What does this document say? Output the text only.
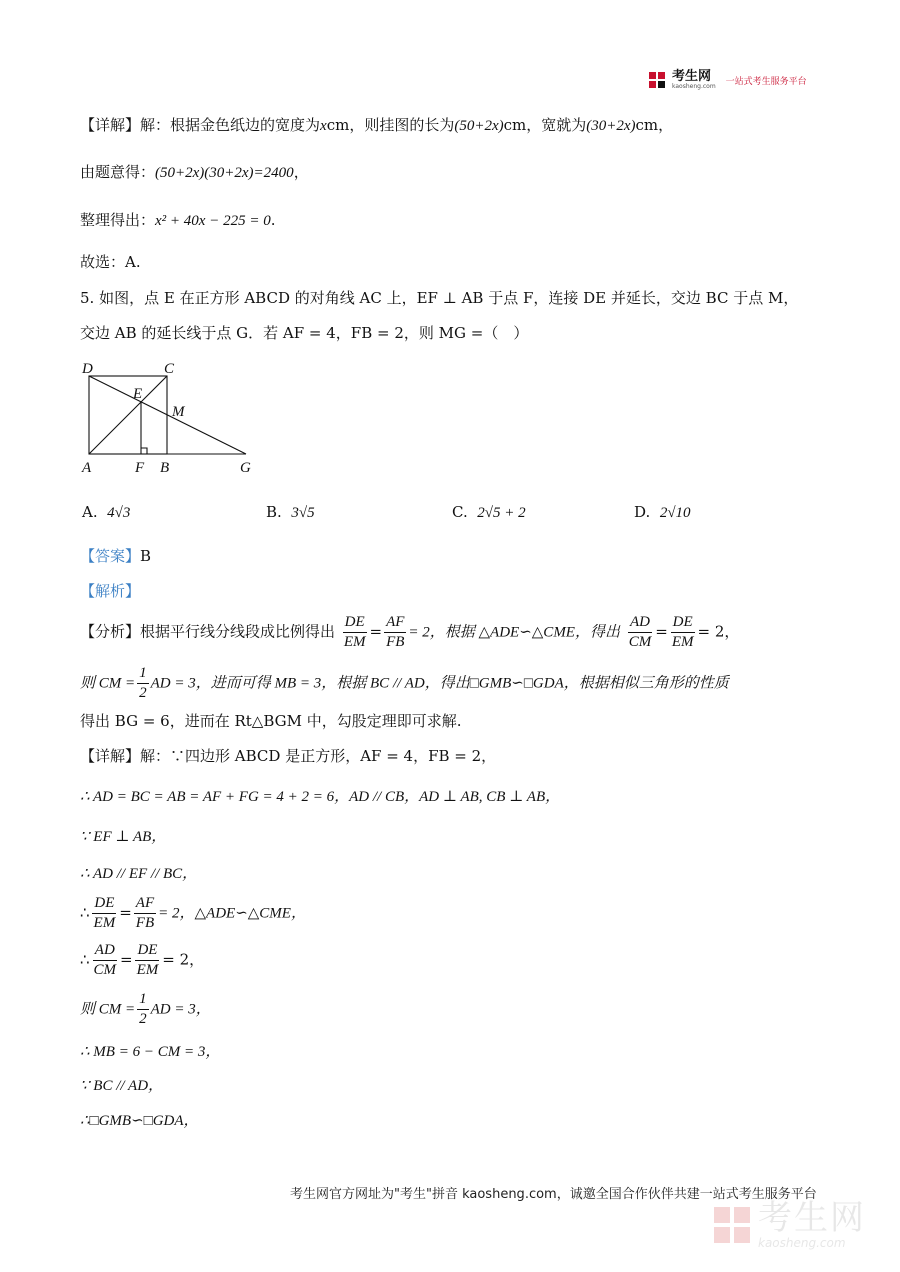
考生网
kaosheng.com 一站式考生服务平台
【详解】解：根据金色纸边的宽度为xcm，则挂图的长为(50+2x)cm，宽就为(30+2x)cm，
由题意得：(50+2x)(30+2x)=2400，
整理得出：x² + 40x − 225 = 0.
故选：A.
5. 如图，点 E 在正方形 ABCD 的对角线 AC 上，EF ⊥ AB 于点 F，连接 DE 并延长，交边 BC 于点 M，
交边 AB 的延长线于点 G．若 AF = 4，FB = 2，则 MG =（　）
D	C
E
M
A	F B	G
A. 4√3	B. 3√5	C. 2√5 + 2	D. 2√10
【答案】B
【解析】
【分析】根据平行线分线段成比例得出 $\frac{DE}{EM} = \frac{AF}{FB} = 2$，根据 △ADE∽△CME，得出 $\frac{AD}{CM} = \frac{DE}{EM} = 2$，
则 CM = $\frac{1}{2}$ AD = 3，进而可得 MB = 3，根据 BC // AD，得出□GMB∽□GDA，根据相似三角形的性质
得出 BG = 6，进而在 Rt△BGM 中，勾股定理即可求解.
【详解】解：∵四边形 ABCD 是正方形，AF = 4，FB = 2，
∴ AD = BC = AB = AF + FG = 4 + 2 = 6，AD // CB，AD ⊥ AB, CB ⊥ AB，
∵ EF ⊥ AB，
∴ AD // EF // BC，
∴ $\frac{DE}{EM} = \frac{AF}{FB} = 2$，△ADE∽△CME，
∴ $\frac{AD}{CM} = \frac{DE}{EM} = 2$，
则 CM = $\frac{1}{2}$ AD = 3，
∴ MB = 6 − CM = 3，
∵ BC // AD，
∴□GMB∽□GDA，
考生网官方网址为"考生"拼音 kaosheng.com，诚邀全国合作伙伴共建一站式考生服务平台
考生网
kaosheng.com
